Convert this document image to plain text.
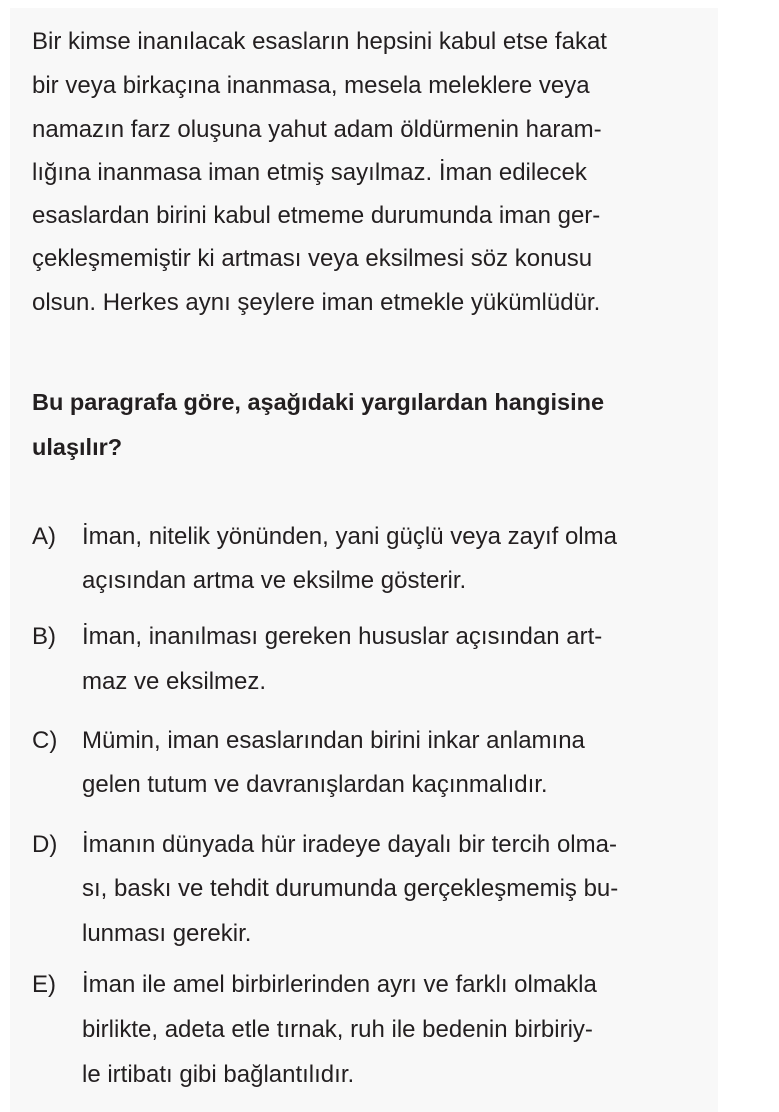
Bir kimse inanılacak esasların hepsini kabul etse fakat
bir veya birkaçına inanmasa, mesela meleklere veya
namazın farz oluşuna yahut adam öldürmenin haram-
lığına inanmasa iman etmiş sayılmaz. İman edilecek
esaslardan birini kabul etmeme durumunda iman ger-
çekleşmemiştir ki artması veya eksilmesi söz konusu
olsun. Herkes aynı şeylere iman etmekle yükümlüdür.
Bu paragrafa göre, aşağıdaki yargılardan hangisine
ulaşılır?
A) İman, nitelik yönünden, yani güçlü veya zayıf olma
açısından artma ve eksilme gösterir.
B) İman, inanılması gereken hususlar açısından art-
maz ve eksilmez.
C) Mümin, iman esaslarından birini inkar anlamına
gelen tutum ve davranışlardan kaçınmalıdır.
D) İmanın dünyada hür iradeye dayalı bir tercih olma-
sı, baskı ve tehdit durumunda gerçekleşmemiş bu-
lunması gerekir.
E) İman ile amel birbirlerinden ayrı ve farklı olmakla
birlikte, adeta etle tırnak, ruh ile bedenin birbiriy-
le irtibatı gibi bağlantılıdır.
